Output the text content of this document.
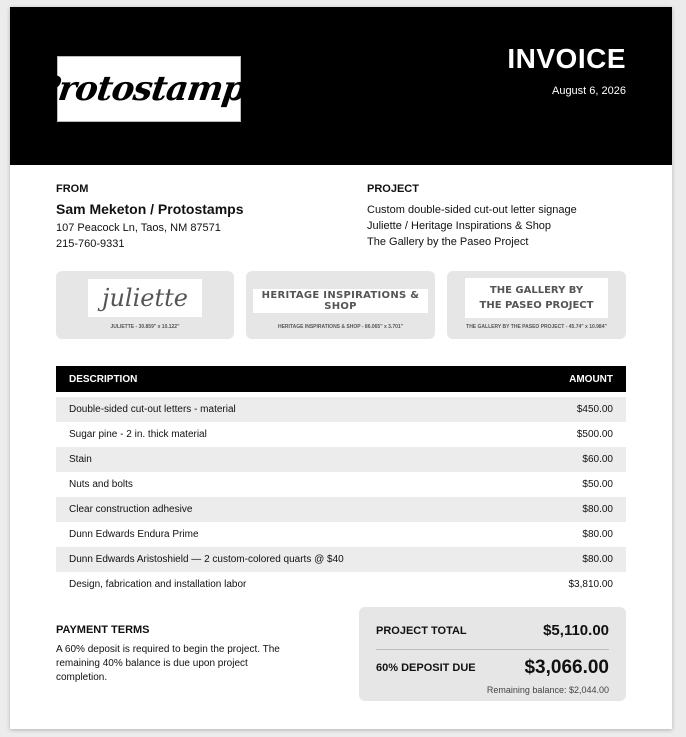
Protostamps
INVOICE
August 6, 2026
FROM
Sam Meketon / Protostamps
107 Peacock Ln, Taos, NM 87571
215-760-9331
PROJECT
Custom double-sided cut-out letter signage
Juliette / Heritage Inspirations & Shop
The Gallery by the Paseo Project
juliette
JULIETTE - 30.859" x 10.122"
HERITAGE INSPIRATIONS & SHOP
HERITAGE INSPIRATIONS & SHOP - 86.065" x 3.701"
THE GALLERY BY
THE PASEO PROJECT
THE GALLERY BY THE PASEO PROJECT - 45.74" x 10.984"
DESCRIPTION	AMOUNT
Double-sided cut-out letters - material	$450.00
Sugar pine - 2 in. thick material	$500.00
Stain	$60.00
Nuts and bolts	$50.00
Clear construction adhesive	$80.00
Dunn Edwards Endura Prime	$80.00
Dunn Edwards Aristoshield — 2 custom-colored quarts @ $40	$80.00
Design, fabrication and installation labor	$3,810.00
PAYMENT TERMS
A 60% deposit is required to begin the project. The remaining 40% balance is due upon project completion.
PROJECT TOTAL	$5,110.00
60% DEPOSIT DUE	$3,066.00
Remaining balance: $2,044.00
